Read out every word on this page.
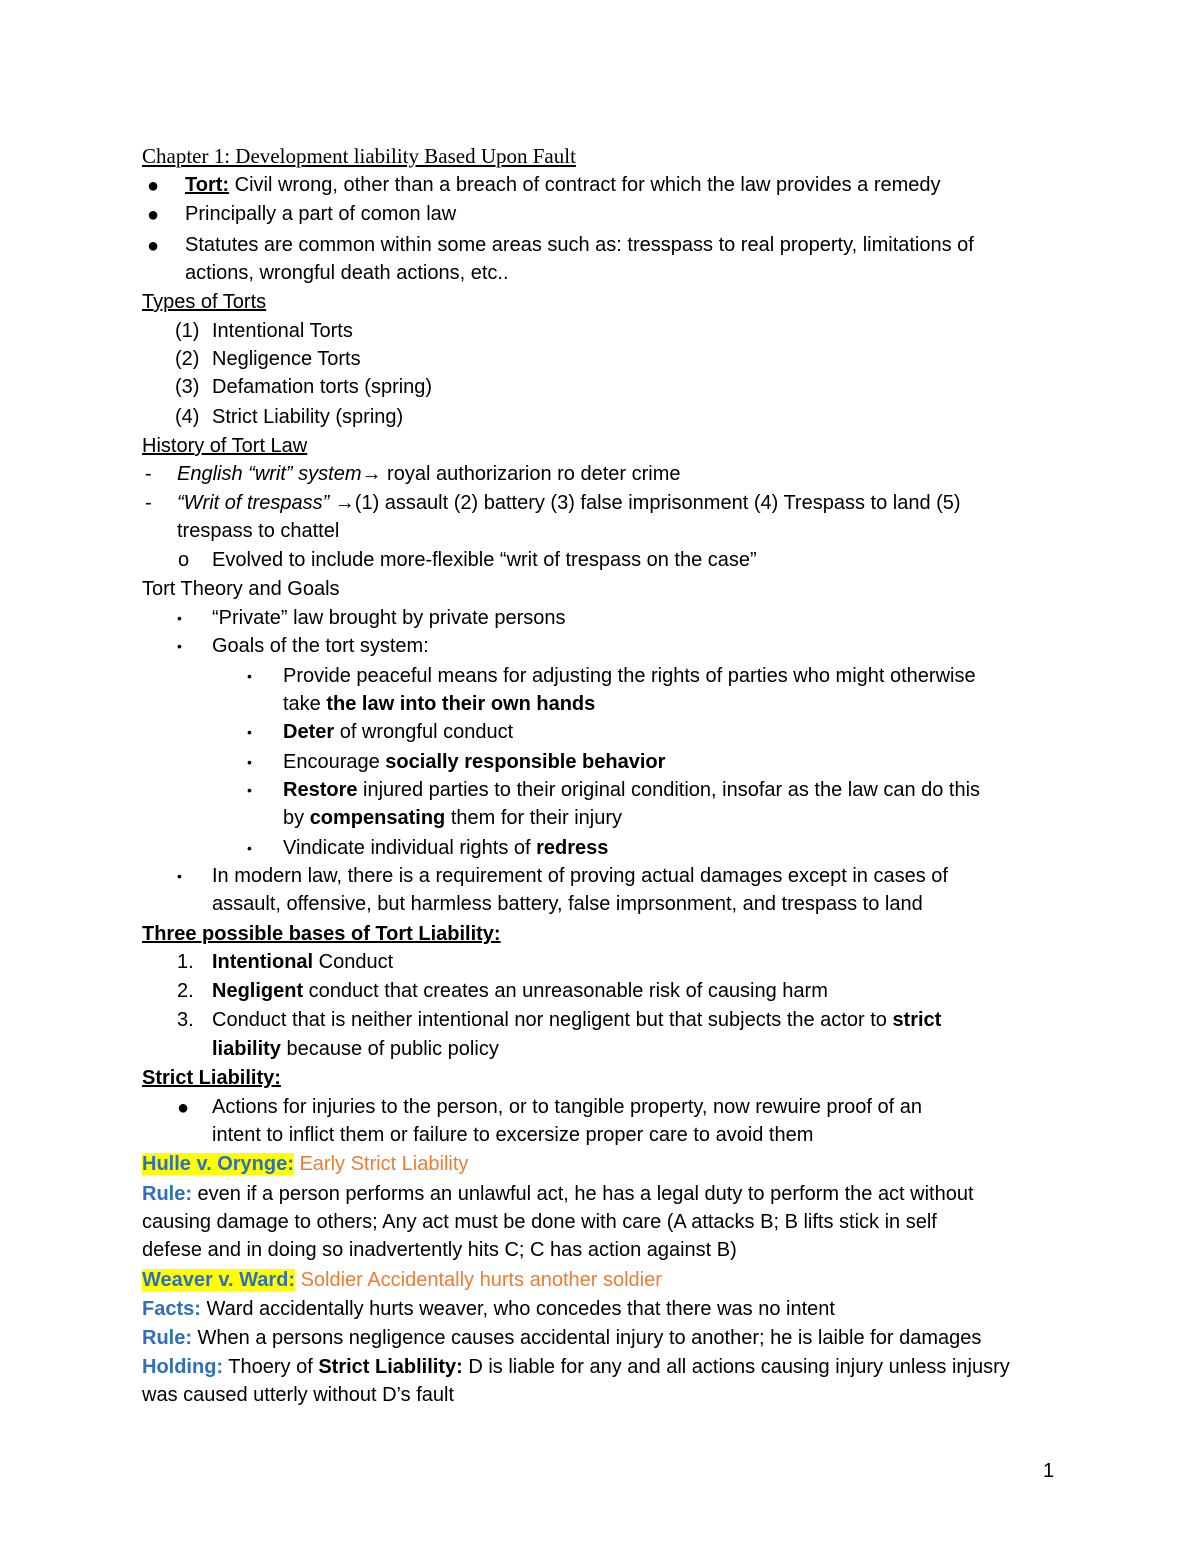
Chapter 1: Development liability Based Upon Fault
● Tort: Civil wrong, other than a breach of contract for which the law provides a remedy
● Principally a part of comon law
● Statutes are common within some areas such as: tresspass to real property, limitations of
actions, wrongful death actions, etc..
Types of Torts
(1) Intentional Torts
(2) Negligence Torts
(3) Defamation torts (spring)
(4) Strict Liability (spring)
History of Tort Law
- English “writ” system→ royal authorizarion ro deter crime
- “Writ of trespass” →(1) assault (2) battery (3) false imprisonment (4) Trespass to land (5)
trespass to chattel
o Evolved to include more-flexible “writ of trespass on the case”
Tort Theory and Goals
• “Private” law brought by private persons
• Goals of the tort system:
• Provide peaceful means for adjusting the rights of parties who might otherwise
take the law into their own hands
• Deter of wrongful conduct
• Encourage socially responsible behavior
• Restore injured parties to their original condition, insofar as the law can do this
by compensating them for their injury
• Vindicate individual rights of redress
• In modern law, there is a requirement of proving actual damages except in cases of
assault, offensive, but harmless battery, false imprsonment, and trespass to land
Three possible bases of Tort Liability:
1. Intentional Conduct
2. Negligent conduct that creates an unreasonable risk of causing harm
3. Conduct that is neither intentional nor negligent but that subjects the actor to strict
liability because of public policy
Strict Liability:
● Actions for injuries to the person, or to tangible property, now rewuire proof of an
intent to inflict them or failure to excersize proper care to avoid them
Hulle v. Orynge: Early Strict Liability
Rule: even if a person performs an unlawful act, he has a legal duty to perform the act without
causing damage to others; Any act must be done with care (A attacks B; B lifts stick in self
defese and in doing so inadvertently hits C; C has action against B)
Weaver v. Ward: Soldier Accidentally hurts another soldier
Facts: Ward accidentally hurts weaver, who concedes that there was no intent
Rule: When a persons negligence causes accidental injury to another; he is laible for damages
Holding: Thoery of Strict Liablility: D is liable for any and all actions causing injury unless injusry
was caused utterly without D’s fault
1
